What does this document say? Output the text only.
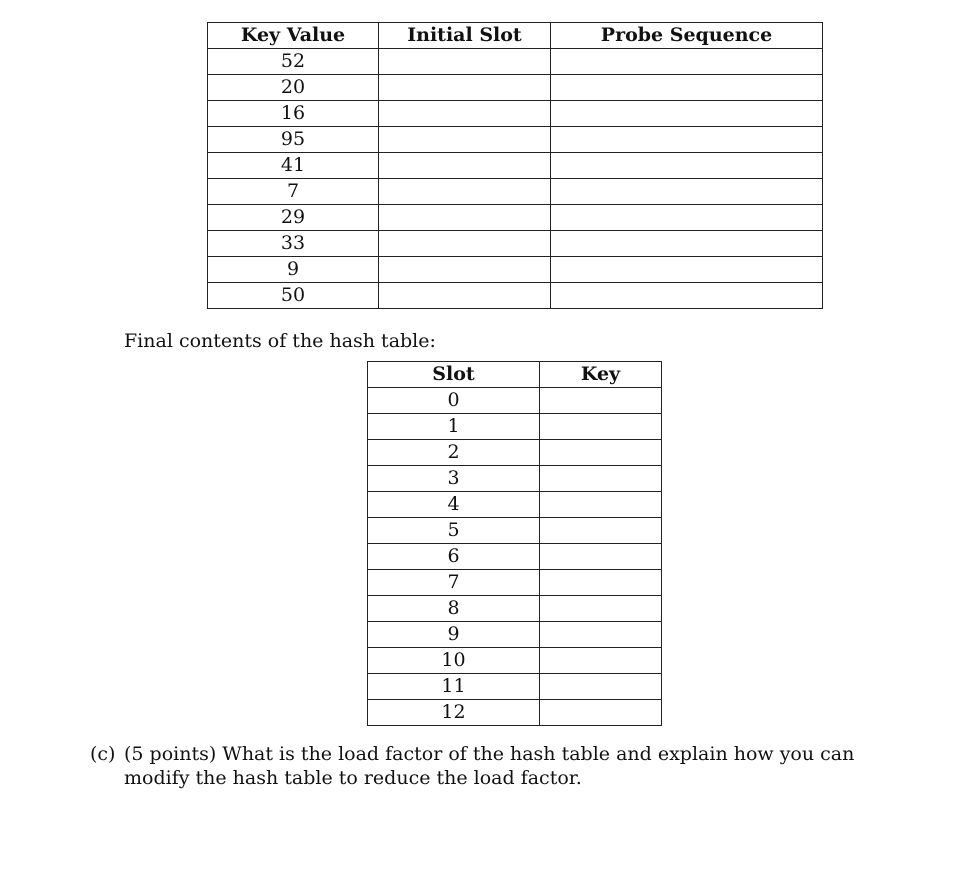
Key Value	Initial Slot	Probe Sequence
52		
20		
16		
95		
41		
7		
29		
33		
9		
50		
Final contents of the hash table:
Slot	Key
0	
1	
2	
3	
4	
5	
6	
7	
8	
9	
10	
11	
12	
(c) (5 points) What is the load factor of the hash table and explain how you can modify the hash table to reduce the load factor.
